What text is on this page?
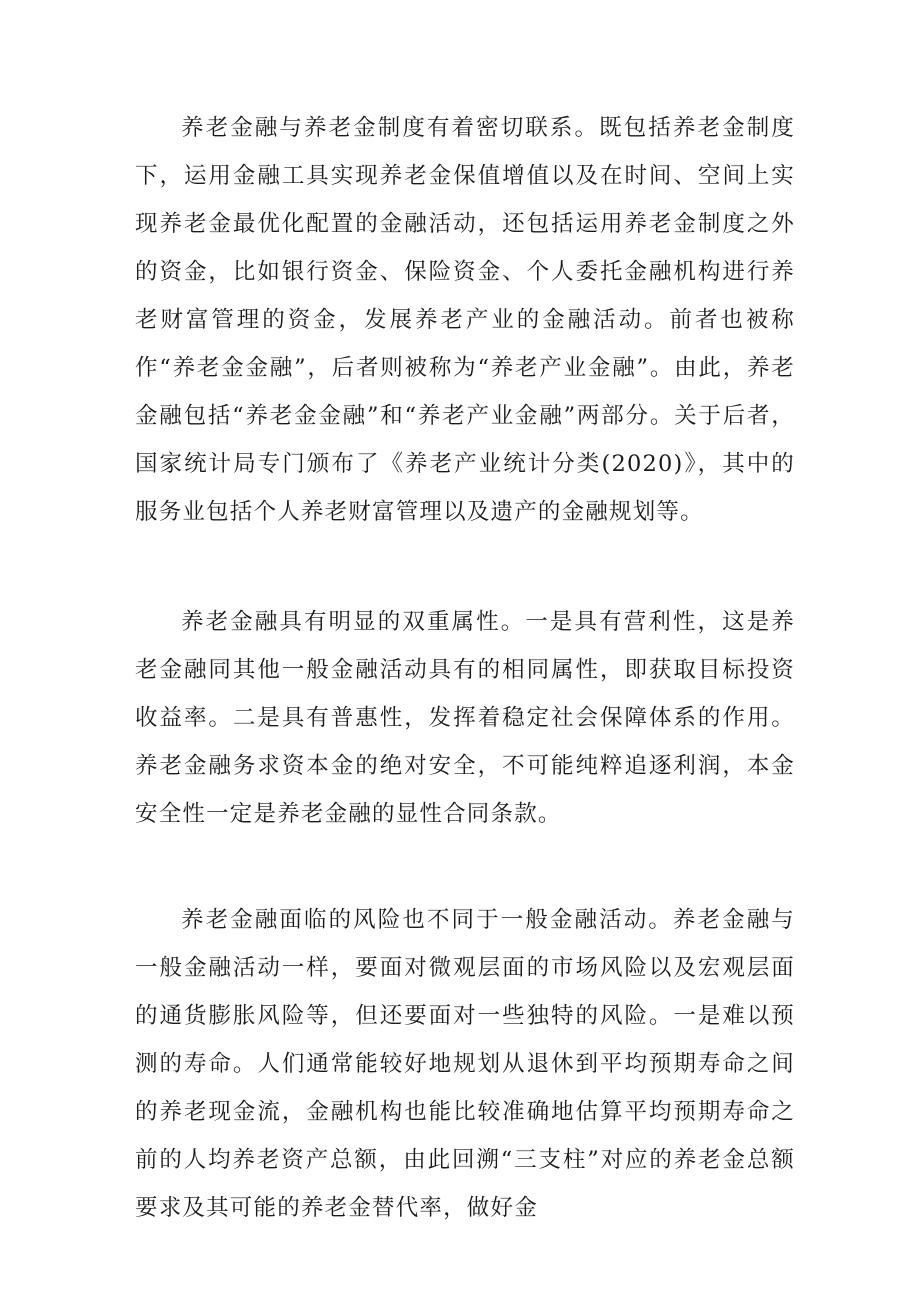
养老金融与养老金制度有着密切联系。既包括养老金制度下，运用金融工具实现养老金保值增值以及在时间、空间上实现养老金最优化配置的金融活动，还包括运用养老金制度之外的资金，比如银行资金、保险资金、个人委托金融机构进行养老财富管理的资金，发展养老产业的金融活动。前者也被称作“养老金金融”，后者则被称为“养老产业金融”。由此，养老金融包括“养老金金融”和“养老产业金融”两部分。关于后者，国家统计局专门颁布了《养老产业统计分类(2020)》，其中的服务业包括个人养老财富管理以及遗产的金融规划等。

养老金融具有明显的双重属性。一是具有营利性，这是养老金融同其他一般金融活动具有的相同属性，即获取目标投资收益率。二是具有普惠性，发挥着稳定社会保障体系的作用。养老金融务求资本金的绝对安全，不可能纯粹追逐利润，本金安全性一定是养老金融的显性合同条款。

养老金融面临的风险也不同于一般金融活动。养老金融与一般金融活动一样，要面对微观层面的市场风险以及宏观层面的通货膨胀风险等，但还要面对一些独特的风险。一是难以预测的寿命。人们通常能较好地规划从退休到平均预期寿命之间的养老现金流，金融机构也能比较准确地估算平均预期寿命之前的人均养老资产总额，由此回溯“三支柱”对应的养老金总额要求及其可能的养老金替代率，做好金
